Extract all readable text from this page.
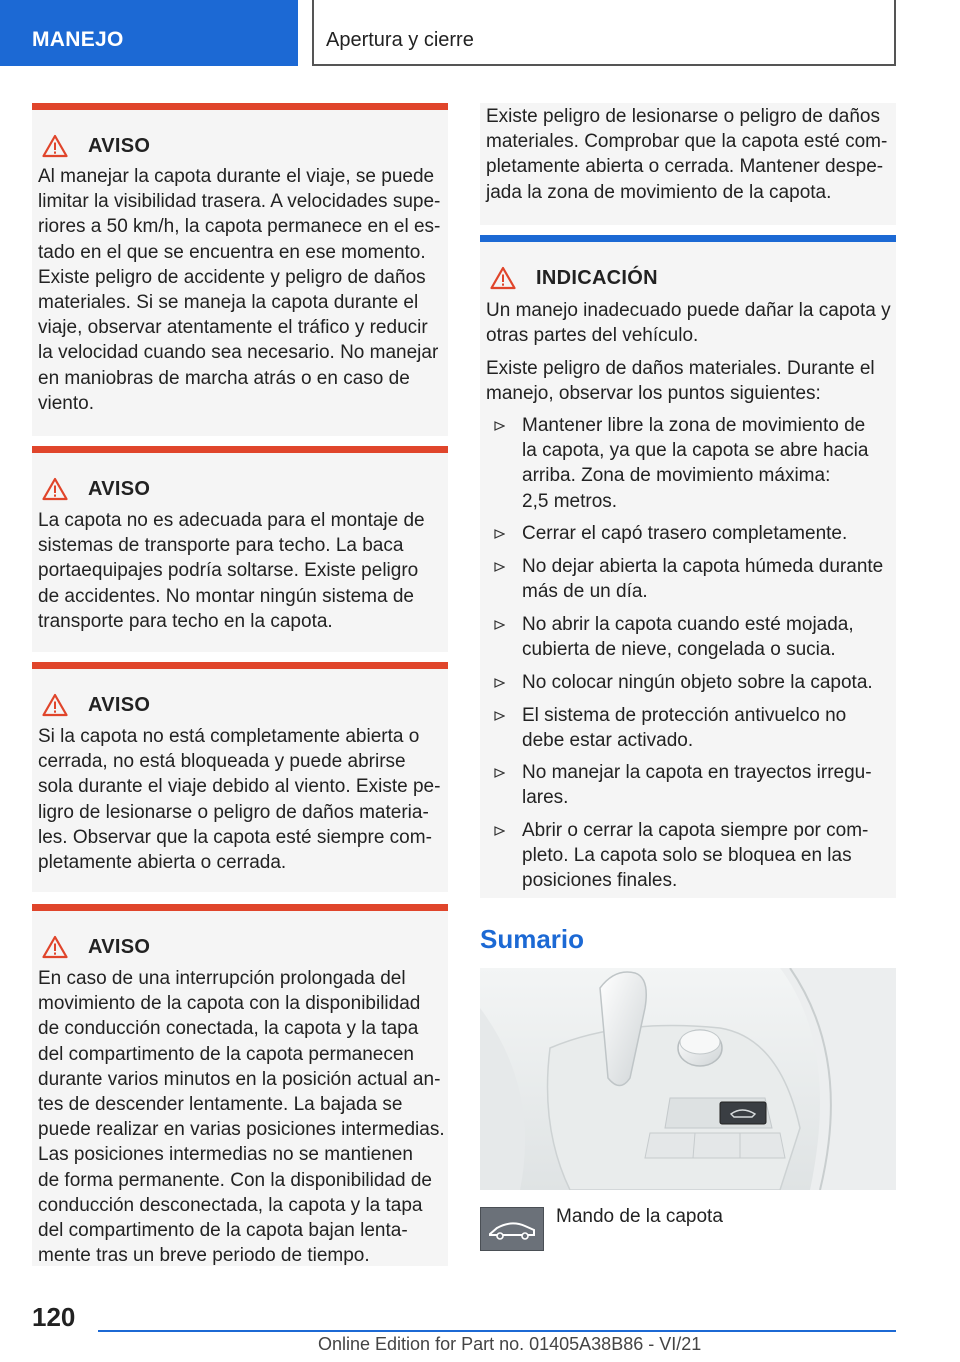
MANEJO	Apertura y cierre
AVISO
Al manejar la capota durante el viaje, se puede
limitar la visibilidad trasera. A velocidades supe-
riores a 50 km/h, la capota permanece en el es-
tado en el que se encuentra en ese momento.
Existe peligro de accidente y peligro de daños
materiales. Si se maneja la capota durante el
viaje, observar atentamente el tráfico y reducir
la velocidad cuando sea necesario. No manejar
en maniobras de marcha atrás o en caso de
viento.
AVISO
La capota no es adecuada para el montaje de
sistemas de transporte para techo. La baca
portaequipajes podría soltarse. Existe peligro
de accidentes. No montar ningún sistema de
transporte para techo en la capota.
AVISO
Si la capota no está completamente abierta o
cerrada, no está bloqueada y puede abrirse
sola durante el viaje debido al viento. Existe pe-
ligro de lesionarse o peligro de daños materia-
les. Observar que la capota esté siempre com-
pletamente abierta o cerrada.
AVISO
En caso de una interrupción prolongada del
movimiento de la capota con la disponibilidad
de conducción conectada, la capota y la tapa
del compartimento de la capota permanecen
durante varios minutos en la posición actual an-
tes de descender lentamente. La bajada se
puede realizar en varias posiciones intermedias.
Las posiciones intermedias no se mantienen
de forma permanente. Con la disponibilidad de
conducción desconectada, la capota y la tapa
del compartimento de la capota bajan lenta-
mente tras un breve periodo de tiempo.
Existe peligro de lesionarse o peligro de daños
materiales. Comprobar que la capota esté com-
pletamente abierta o cerrada. Mantener despe-
jada la zona de movimiento de la capota.
INDICACIÓN
Un manejo inadecuado puede dañar la capota y
otras partes del vehículo.
Existe peligro de daños materiales. Durante el
manejo, observar los puntos siguientes:
Mantener libre la zona de movimiento de
la capota, ya que la capota se abre hacia
arriba. Zona de movimiento máxima:
2,5 metros.
Cerrar el capó trasero completamente.
No dejar abierta la capota húmeda durante
más de un día.
No abrir la capota cuando esté mojada,
cubierta de nieve, congelada o sucia.
No colocar ningún objeto sobre la capota.
El sistema de protección antivuelco no
debe estar activado.
No manejar la capota en trayectos irregu-
lares.
Abrir o cerrar la capota siempre por com-
pleto. La capota solo se bloquea en las
posiciones finales.
Sumario
Mando de la capota
120
Online Edition for Part no. 01405A38B86 - VI/21
